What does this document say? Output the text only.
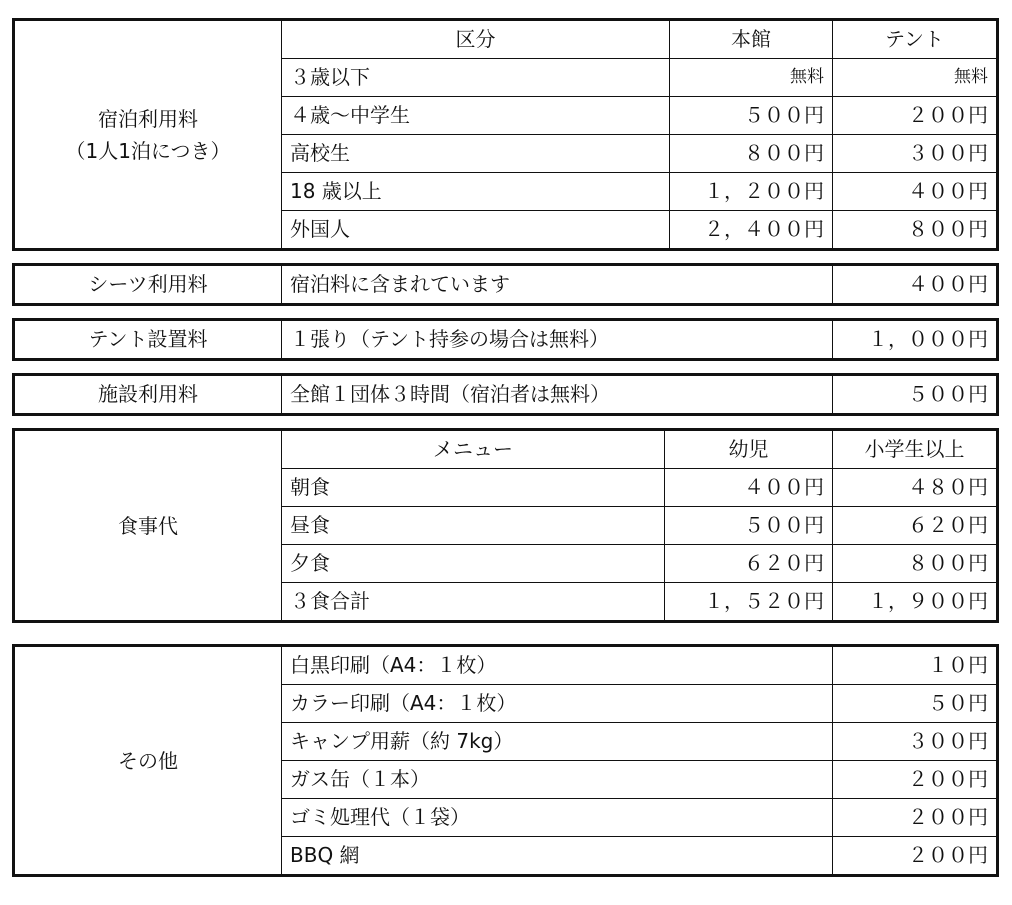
宿泊利用料
（1人1泊につき）	区分	本館	テント
	３歳以下	無料	無料
	４歳〜中学生	５００円	２００円
	高校生	８００円	３００円
	18 歳以上	１，２００円	４００円
	外国人	２，４００円	８００円
シーツ利用料	宿泊料に含まれています	４００円
テント設置料	１張り（テント持参の場合は無料）	１，０００円
施設利用料	全館１団体３時間（宿泊者は無料）	５００円
食事代	メニュー	幼児	小学生以上
	朝食	４００円	４８０円
	昼食	５００円	６２０円
	夕食	６２０円	８００円
	３食合計	１，５２０円	１，９００円
その他	白黒印刷（A4：１枚）	１０円
	カラー印刷（A4：１枚）	５０円
	キャンプ用薪（約 7kg）	３００円
	ガス缶（１本）	２００円
	ゴミ処理代（１袋）	２００円
	BBQ 網	２００円
